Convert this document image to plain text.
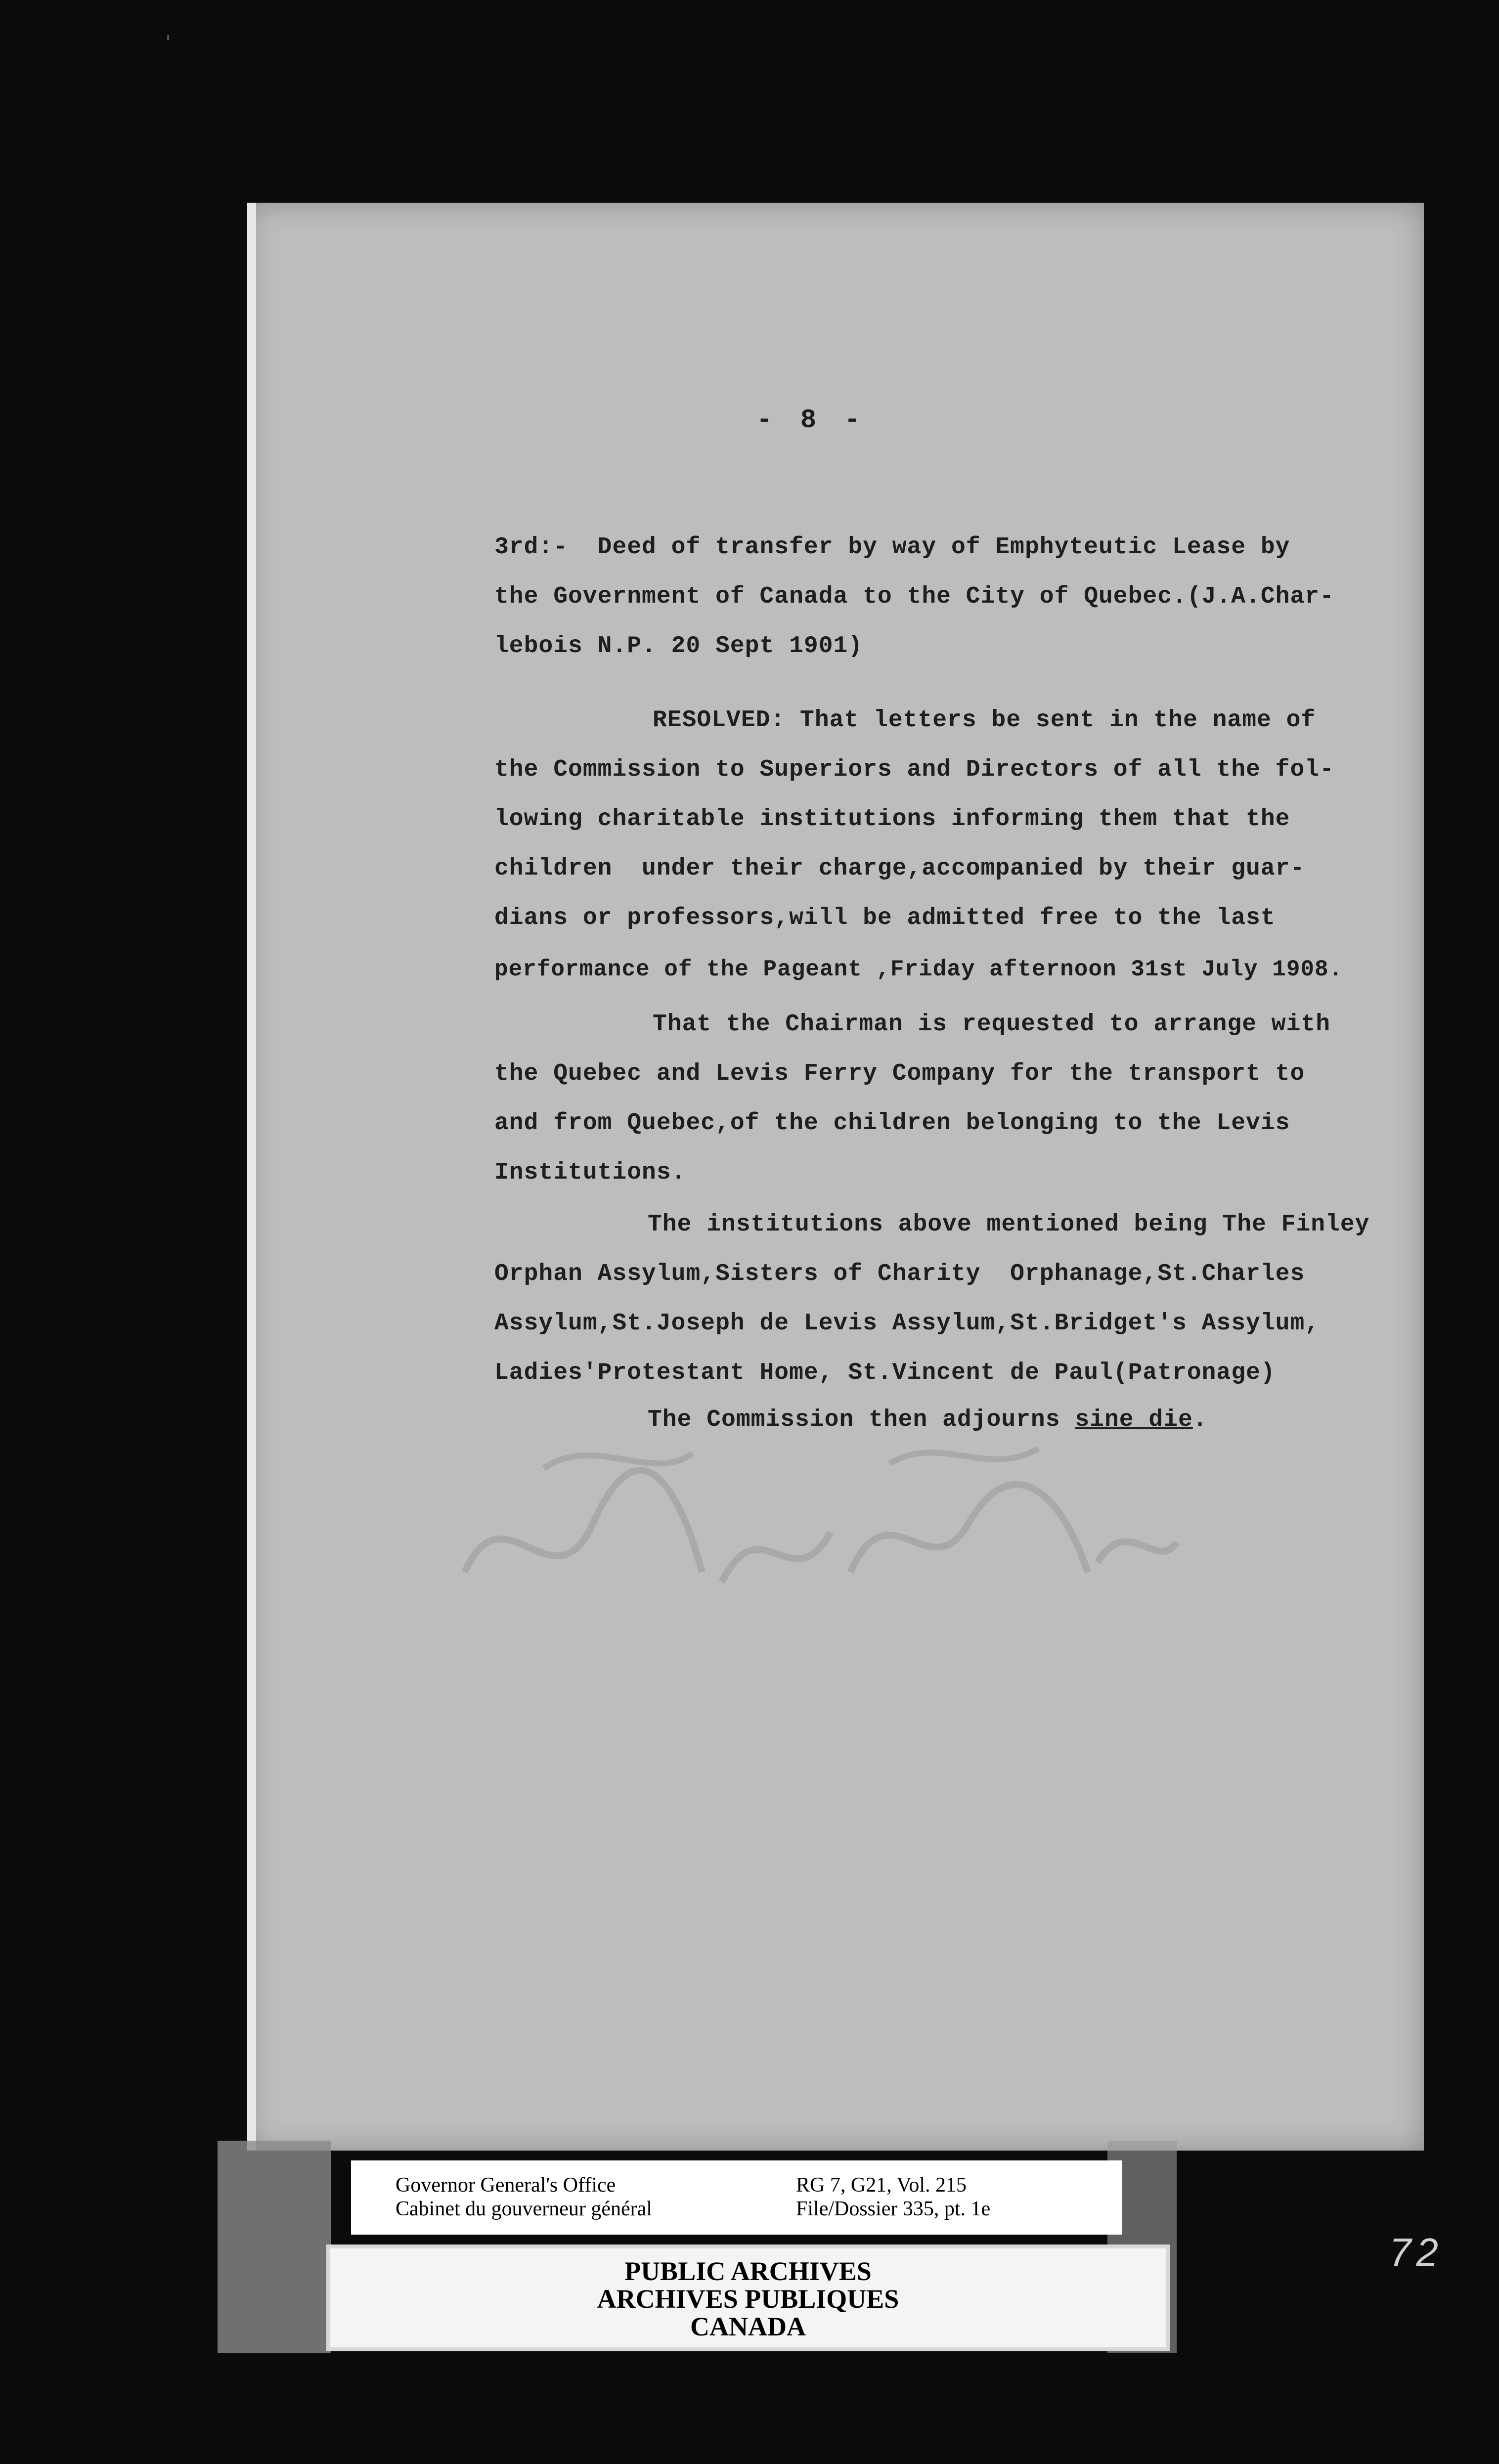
ˈ
- 8 -
3rd:-  Deed of transfer by way of Emphyteutic Lease by
the Government of Canada to the City of Quebec.(J.A.Char-
lebois N.P. 20 Sept 1901)
RESOLVED: That letters be sent in the name of
the Commission to Superiors and Directors of all the fol-
lowing charitable institutions informing them that the
children  under their charge,accompanied by their guar-
dians or professors,will be admitted free to the last
performance of the Pageant ,Friday afternoon 31st July 1908.
That the Chairman is requested to arrange with
the Quebec and Levis Ferry Company for the transport to
and from Quebec,of the children belonging to the Levis
Institutions.
The institutions above mentioned being The Finley
Orphan Assylum,Sisters of Charity  Orphanage,St.Charles
Assylum,St.Joseph de Levis Assylum,St.Bridget's Assylum,
Ladies'Protestant Home, St.Vincent de Paul(Patronage)
The Commission then adjourns sine die.
Governor General's Office
Cabinet du gouverneur général
RG 7, G21, Vol. 215
File/Dossier 335, pt. 1e
PUBLIC ARCHIVES
ARCHIVES PUBLIQUES
CANADA
72
